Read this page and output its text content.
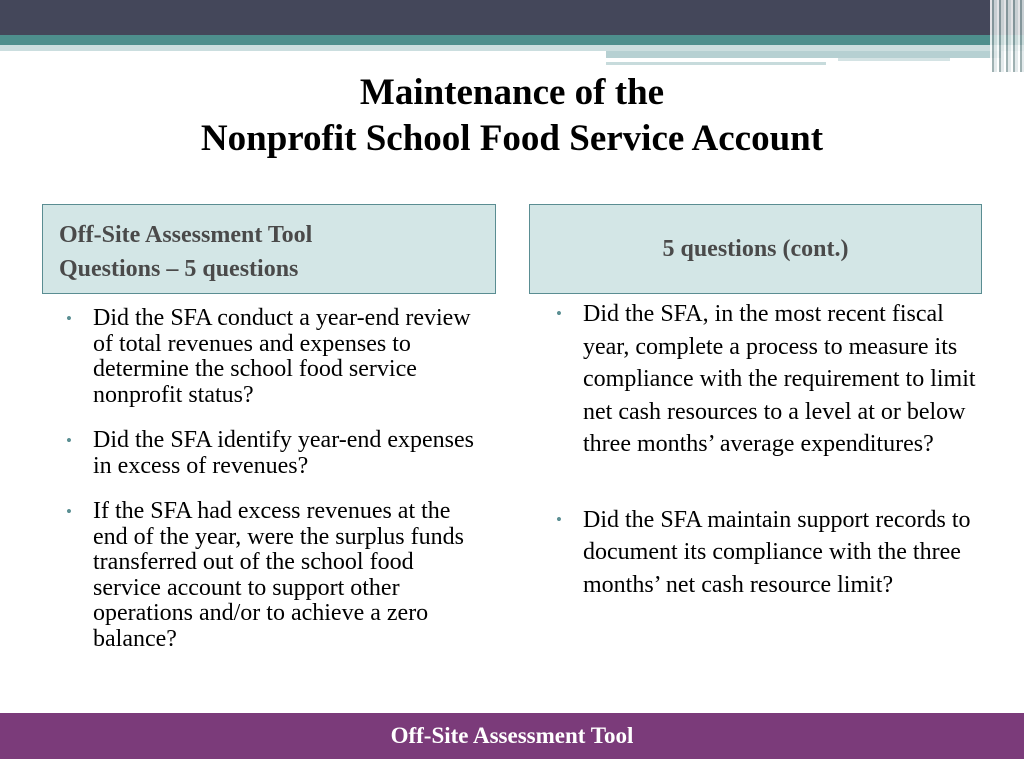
Maintenance of the
Nonprofit School Food Service Account
Off-Site Assessment Tool
Questions – 5 questions
5 questions (cont.)
• Did the SFA conduct a year-end review of total revenues and expenses to determine the school food service nonprofit status?
• Did the SFA identify year-end expenses in excess of revenues?
• If the SFA had excess revenues at the end of the year, were the surplus funds transferred out of the school food service account to support other operations and/or to achieve a zero balance?
• Did the SFA, in the most recent fiscal year, complete a process to measure its compliance with the requirement to limit net cash resources to a level at or below three months’ average expenditures?
• Did the SFA maintain support records to document its compliance with the three months’ net cash resource limit?
Off-Site Assessment Tool
